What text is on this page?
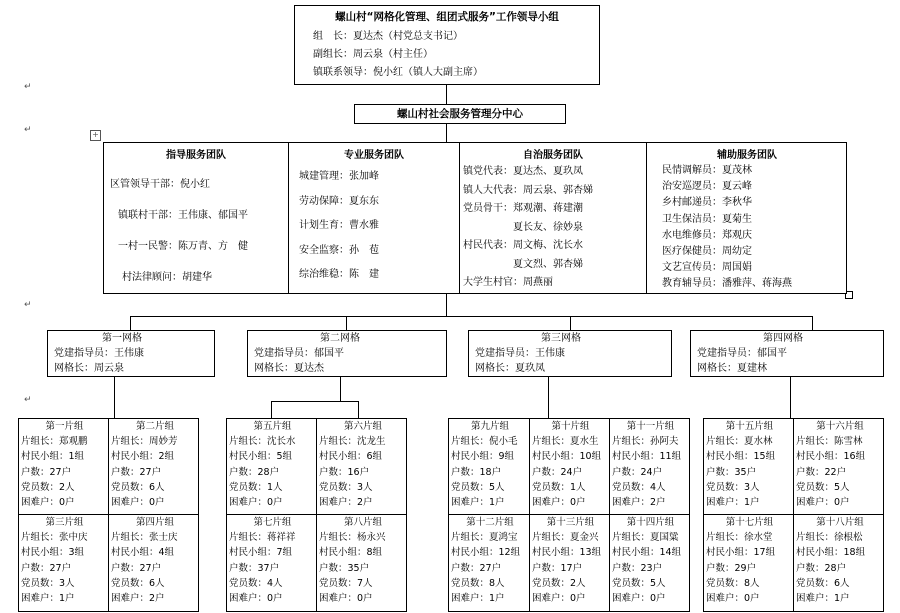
↵
↵
↵
↵
+
螺山村“网格化管理、组团式服务”工作领导小组
组　长：夏达杰（村党总支书记）
副组长：周云泉（村主任）
镇联系领导：倪小红（镇人大副主席）
螺山村社会服务管理分中心
指导服务团队
区管领导干部：倪小红
镇联村干部：王伟康、郁国平
一村一民警：陈万青、方　健
村法律顾问：胡建华
专业服务团队
城建管理：张加峰
劳动保障：夏东东
计划生育：曹水雅
安全监察：孙　苞
综治维稳：陈　建
自治服务团队
镇党代表：夏达杰、夏玖凤
镇人大代表：周云泉、郭杏娣
党员骨干：郑观潮、蒋建潮
　　　　　夏长友、徐妙泉
村民代表：周文梅、沈长水
　　　　　夏文烈、郭杏娣
大学生村官：周燕丽
辅助服务团队
民情调解员：夏茂林
治安巡逻员：夏云峰
乡村邮递员：李秋华
卫生保洁员：夏菊生
水电维修员：郑观庆
医疗保健员：周幼定
文艺宣传员：周国娟
教育辅导员：潘雅萍、蒋海燕
第一网格
党建指导员：王伟康
网格长：周云泉
第二网格
党建指导员：郁国平
网格长：夏达杰
第三网格
党建指导员：王伟康
网格长：夏玖凤
第四网格
党建指导员：郁国平
网格长：夏建林
第一片组
片组长：郑观鹏
村民小组：1组
户数：27户
党员数：2人
困难户：0户
第二片组
片组长：周妙芳
村民小组：2组
户数：27户
党员数：6人
困难户：0户
第三片组
片组长：张中庆
村民小组：3组
户数：27户
党员数：3人
困难户：1户
第四片组
片组长：张士庆
村民小组：4组
户数：27户
党员数：6人
困难户：2户
第五片组
片组长：沈长水
村民小组：5组
户数：28户
党员数：1人
困难户：0户
第六片组
片组长：沈龙生
村民小组：6组
户数：16户
党员数：3人
困难户：2户
第七片组
片组长：蒋祥祥
村民小组：7组
户数：37户
党员数：4人
困难户：0户
第八片组
片组长：杨永兴
村民小组：8组
户数：35户
党员数：7人
困难户：0户
第九片组
片组长：倪小毛
村民小组：9组
户数：18户
党员数：5人
困难户：1户
第十片组
片组长：夏水生
村民小组：10组
户数：24户
党员数：1人
困难户：0户
第十一片组
片组长：孙阿夫
村民小组：11组
户数：24户
党员数：4人
困难户：2户
第十二片组
片组长：夏鸿宝
村民小组：12组
户数：27户
党员数：8人
困难户：1户
第十三片组
片组长：夏金兴
村民小组：13组
户数：17户
党员数：2人
困难户：0户
第十四片组
片组长：夏国粱
村民小组：14组
户数：23户
党员数：5人
困难户：0户
第十五片组
片组长：夏水林
村民小组：15组
户数：35户
党员数：3人
困难户：1户
第十六片组
片组长：陈雪林
村民小组：16组
户数：22户
党员数：5人
困难户：0户
第十七片组
片组长：徐水堂
村民小组：17组
户数：29户
党员数：8人
困难户：0户
第十八片组
片组长：徐根松
村民小组：18组
户数：28户
党员数：6人
困难户：1户
